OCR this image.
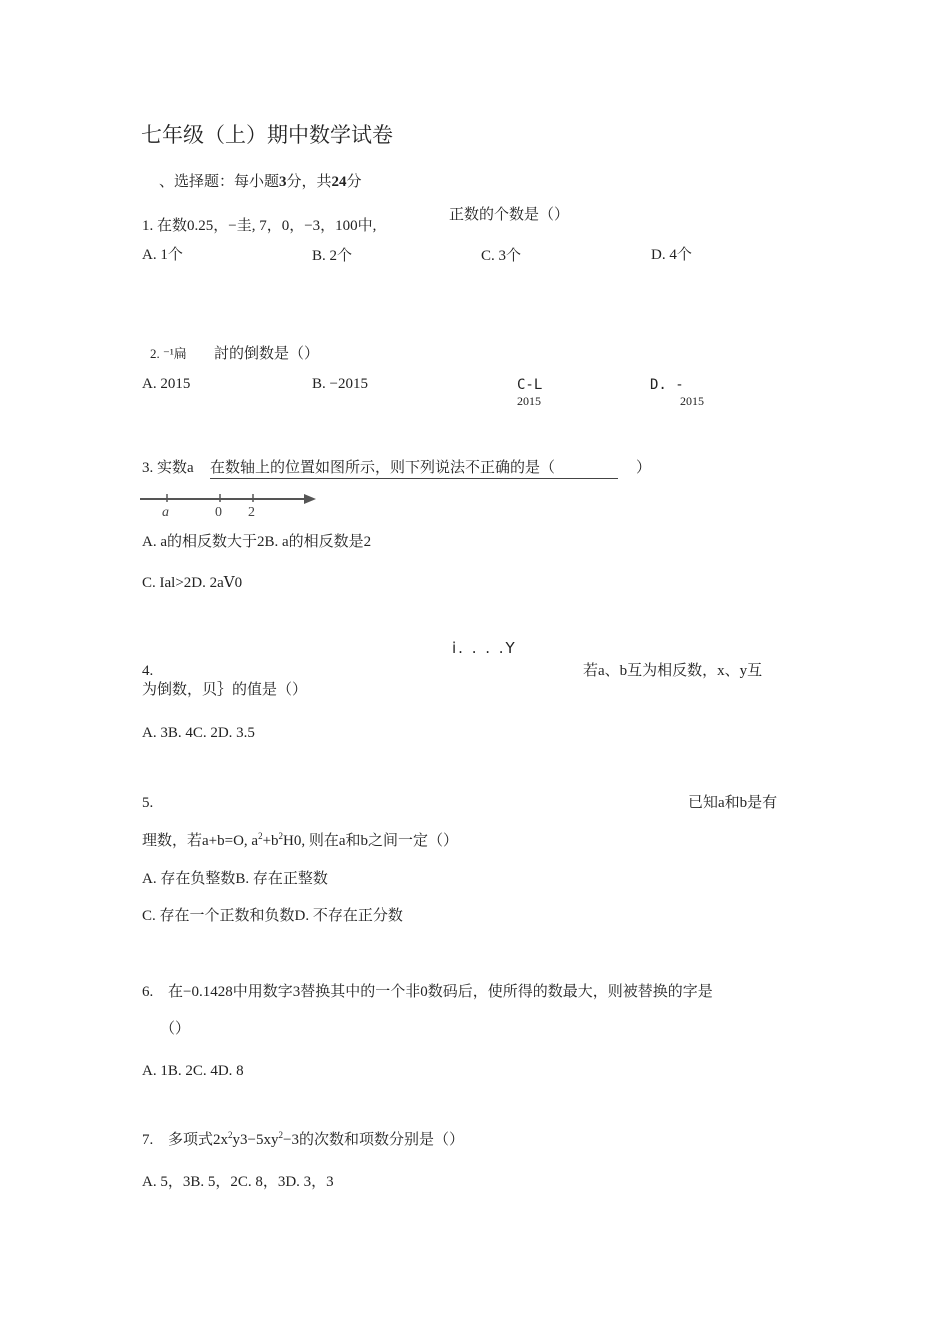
七年级（上）期中数学试卷
、选择题：每小题3分，共24分
1. 在数0.25，−圭, 7，0，−3，100中,
正数的个数是（）
A. 1个	B. 2个	C. 3个	D. 4个
2. ⁻¹扁 討的倒数是（）
A. 2015	B. −2015	C-L
2015
D. -
2015
3. 实数a 在数轴上的位置如图所示，则下列说法不正确的是（	）
a	0 2
A. a的相反数大于2B. a的相反数是2
C. Ial>2D. 2aⅤ0
i. . . .Y
4.	若a、b互为相反数，x、y互
为倒数，贝｝的值是（）
A. 3B. 4C. 2D. 3.5
5.	已知a和b是有
理数，若a+b=O, $a^2+b^2H0$, 则在a和b之间一定（）
A. 存在负整数B. 存在正整数
C. 存在一个正数和负数D. 不存在正分数
6. 在−0.1428中用数字3替换其中的一个非0数码后，使所得的数最大，则被替换的字是
（）
A. 1B. 2C. 4D. 8
7. 多项式$2x^2y3-5xy^2-3$的次数和项数分别是（）
A. 5，3B. 5，2C. 8，3D. 3，3
